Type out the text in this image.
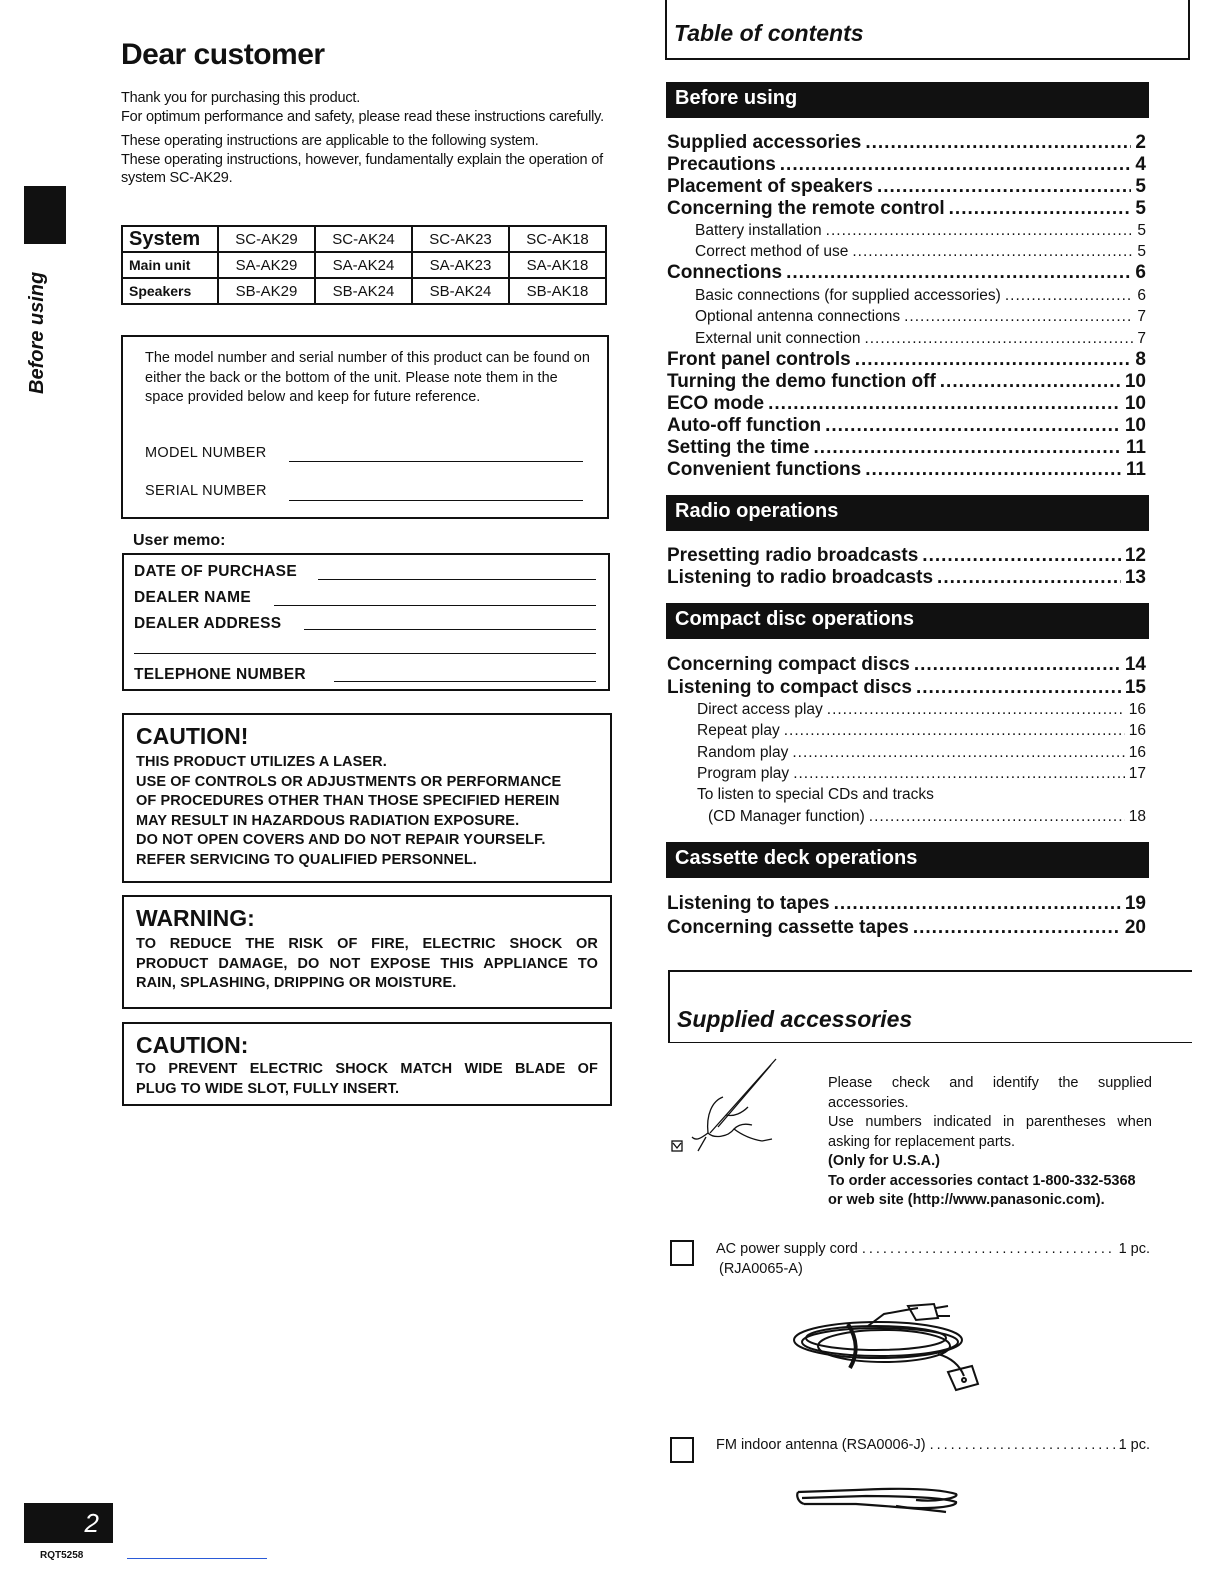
Before using
Dear customer

Thank you for purchasing this product.
For optimum performance and safety, please read these instructions carefully.

These operating instructions are applicable to the following system.
These operating instructions, however, fundamentally explain the operation of system SC-AK29.

System	SC-AK29	SC-AK24	SC-AK23	SC-AK18
Main unit	SA-AK29	SA-AK24	SA-AK23	SA-AK18
Speakers	SB-AK29	SB-AK24	SB-AK24	SB-AK18
The model number and serial number of this product can be found on either the back or the bottom of the unit. Please note them in the space provided below and keep for future reference.
MODEL NUMBER
SERIAL NUMBER
User memo:
DATE OF PURCHASE
DEALER NAME
DEALER ADDRESS
TELEPHONE NUMBER
CAUTION!
THIS PRODUCT UTILIZES A LASER.
USE OF CONTROLS OR ADJUSTMENTS OR PERFORMANCE
OF PROCEDURES OTHER THAN THOSE SPECIFIED HEREIN
MAY RESULT IN HAZARDOUS RADIATION EXPOSURE.
DO NOT OPEN COVERS AND DO NOT REPAIR YOURSELF.
REFER SERVICING TO QUALIFIED PERSONNEL.
WARNING:
TO REDUCE THE RISK OF FIRE, ELECTRIC SHOCK OR
PRODUCT DAMAGE, DO NOT EXPOSE THIS APPLIANCE TO
RAIN, SPLASHING, DRIPPING OR MOISTURE.
CAUTION:
TO PREVENT ELECTRIC SHOCK MATCH WIDE BLADE OF
PLUG TO WIDE SLOT, FULLY INSERT.
2
RQT5258
Table of contents
Before using
Supplied accessories .....	2
Precautions .....	4
Placement of speakers .....	5
Concerning the remote control .....	5
Battery installation .....	5
Correct method of use .....	5
Connections .....	6
Basic connections (for supplied accessories) .....	6
Optional antenna connections .....	7
External unit connection .....	7
Front panel controls .....	8
Turning the demo function off .....	10
ECO mode .....	10
Auto-off function .....	10
Setting the time .....	11
Convenient functions .....	11
Radio operations
Presetting radio broadcasts .....	12
Listening to radio broadcasts .....	13
Compact disc operations
Concerning compact discs .....	14
Listening to compact discs .....	15
Direct access play .....	16
Repeat play .....	16
Random play .....	16
Program play .....	17
To listen to special CDs and tracks
(CD Manager function) .....	18
Cassette deck operations
Listening to tapes .....	19
Concerning cassette tapes .....	20
Supplied accessories

Please check and identify the supplied accessories.

Use numbers indicated in parentheses when asking for replacement parts.

(Only for U.S.A.)

To order accessories contact 1-800-332-5368 or web site (http://www.panasonic.com).

AC power supply cord .....	1 pc.
(RJA0065-A)
FM indoor antenna (RSA0006-J) .....	1 pc.
